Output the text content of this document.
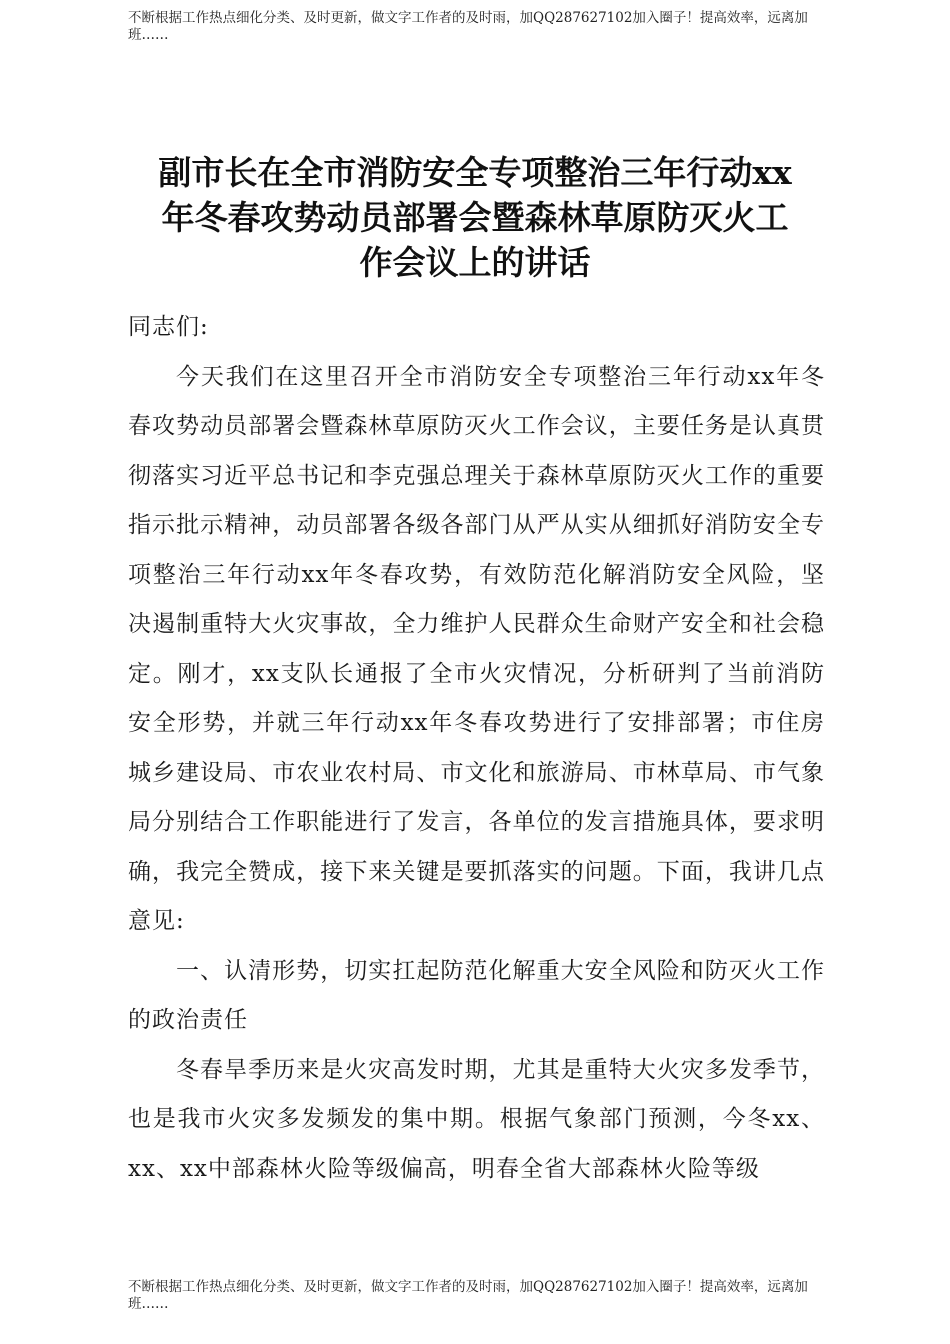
不断根据工作热点细化分类、及时更新，做文字工作者的及时雨，加QQ287627102加入圈子！提高效率，远离加
班……
副市长在全市消防安全专项整治三年行动xx
年冬春攻势动员部署会暨森林草原防灭火工
作会议上的讲话

同志们:

今天我们在这里召开全市消防安全专项整治三年行动xx年冬春攻势动员部署会暨森林草原防灭火工作会议，主要任务是认真贯彻落实习近平总书记和李克强总理关于森林草原防灭火工作的重要指示批示精神，动员部署各级各部门从严从实从细抓好消防安全专项整治三年行动xx年冬春攻势，有效防范化解消防安全风险，坚决遏制重特大火灾事故，全力维护人民群众生命财产安全和社会稳定。刚才，xx支队长通报了全市火灾情况，分析研判了当前消防安全形势，并就三年行动xx年冬春攻势进行了安排部署；市住房城乡建设局、市农业农村局、市文化和旅游局、市林草局、市气象局分别结合工作职能进行了发言，各单位的发言措施具体，要求明确，我完全赞成，接下来关键是要抓落实的问题。下面，我讲几点意见:

一、认清形势，切实扛起防范化解重大安全风险和防灭火工作的政治责任

冬春旱季历来是火灾高发时期，尤其是重特大火灾多发季节，也是我市火灾多发频发的集中期。根据气象部门预测，今冬xx、xx、xx中部森林火险等级偏高，明春全省大部森林火险等级

不断根据工作热点细化分类、及时更新，做文字工作者的及时雨，加QQ287627102加入圈子！提高效率，远离加
班……
